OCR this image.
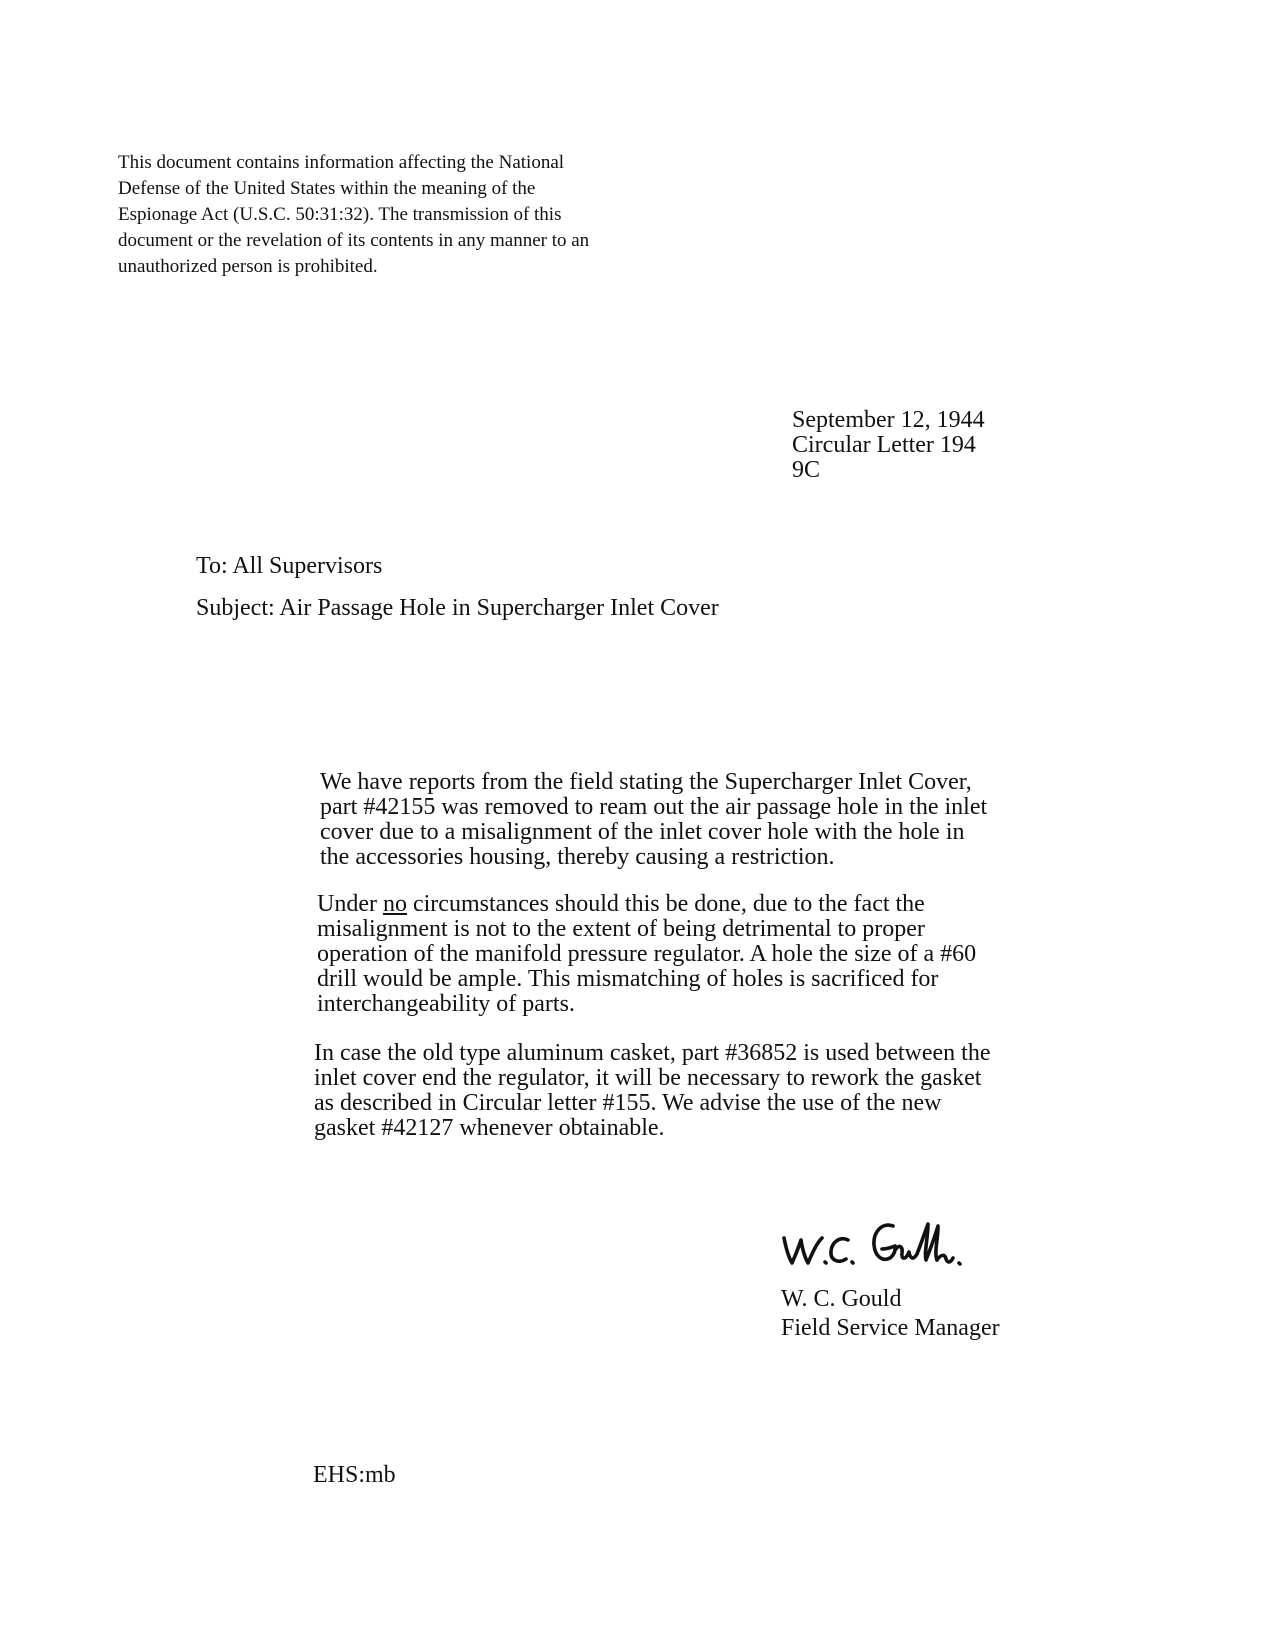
This document contains information affecting the National
Defense of the United States within the meaning of the
Espionage Act (U.S.C. 50:31:32). The transmission of this
document or the revelation of its contents in any manner to an
unauthorized person is prohibited.
September 12, 1944
Circular Letter 194
9C
To: All Supervisors
Subject: Air Passage Hole in Supercharger Inlet Cover
We have reports from the field stating the Supercharger Inlet Cover,
part #42155 was removed to ream out the air passage hole in the inlet
cover due to a misalignment of the inlet cover hole with the hole in
the accessories housing, thereby causing a restriction.
Under no circumstances should this be done, due to the fact the
misalignment is not to the extent of being detrimental to proper
operation of the manifold pressure regulator. A hole the size of a #60
drill would be ample. This mismatching of holes is sacrificed for
interchangeability of parts.
In case the old type aluminum casket, part #36852 is used between the
inlet cover end the regulator, it will be necessary to rework the gasket
as described in Circular letter #155. We advise the use of the new
gasket #42127 whenever obtainable.
W. C. Gould
Field Service Manager
EHS:mb
